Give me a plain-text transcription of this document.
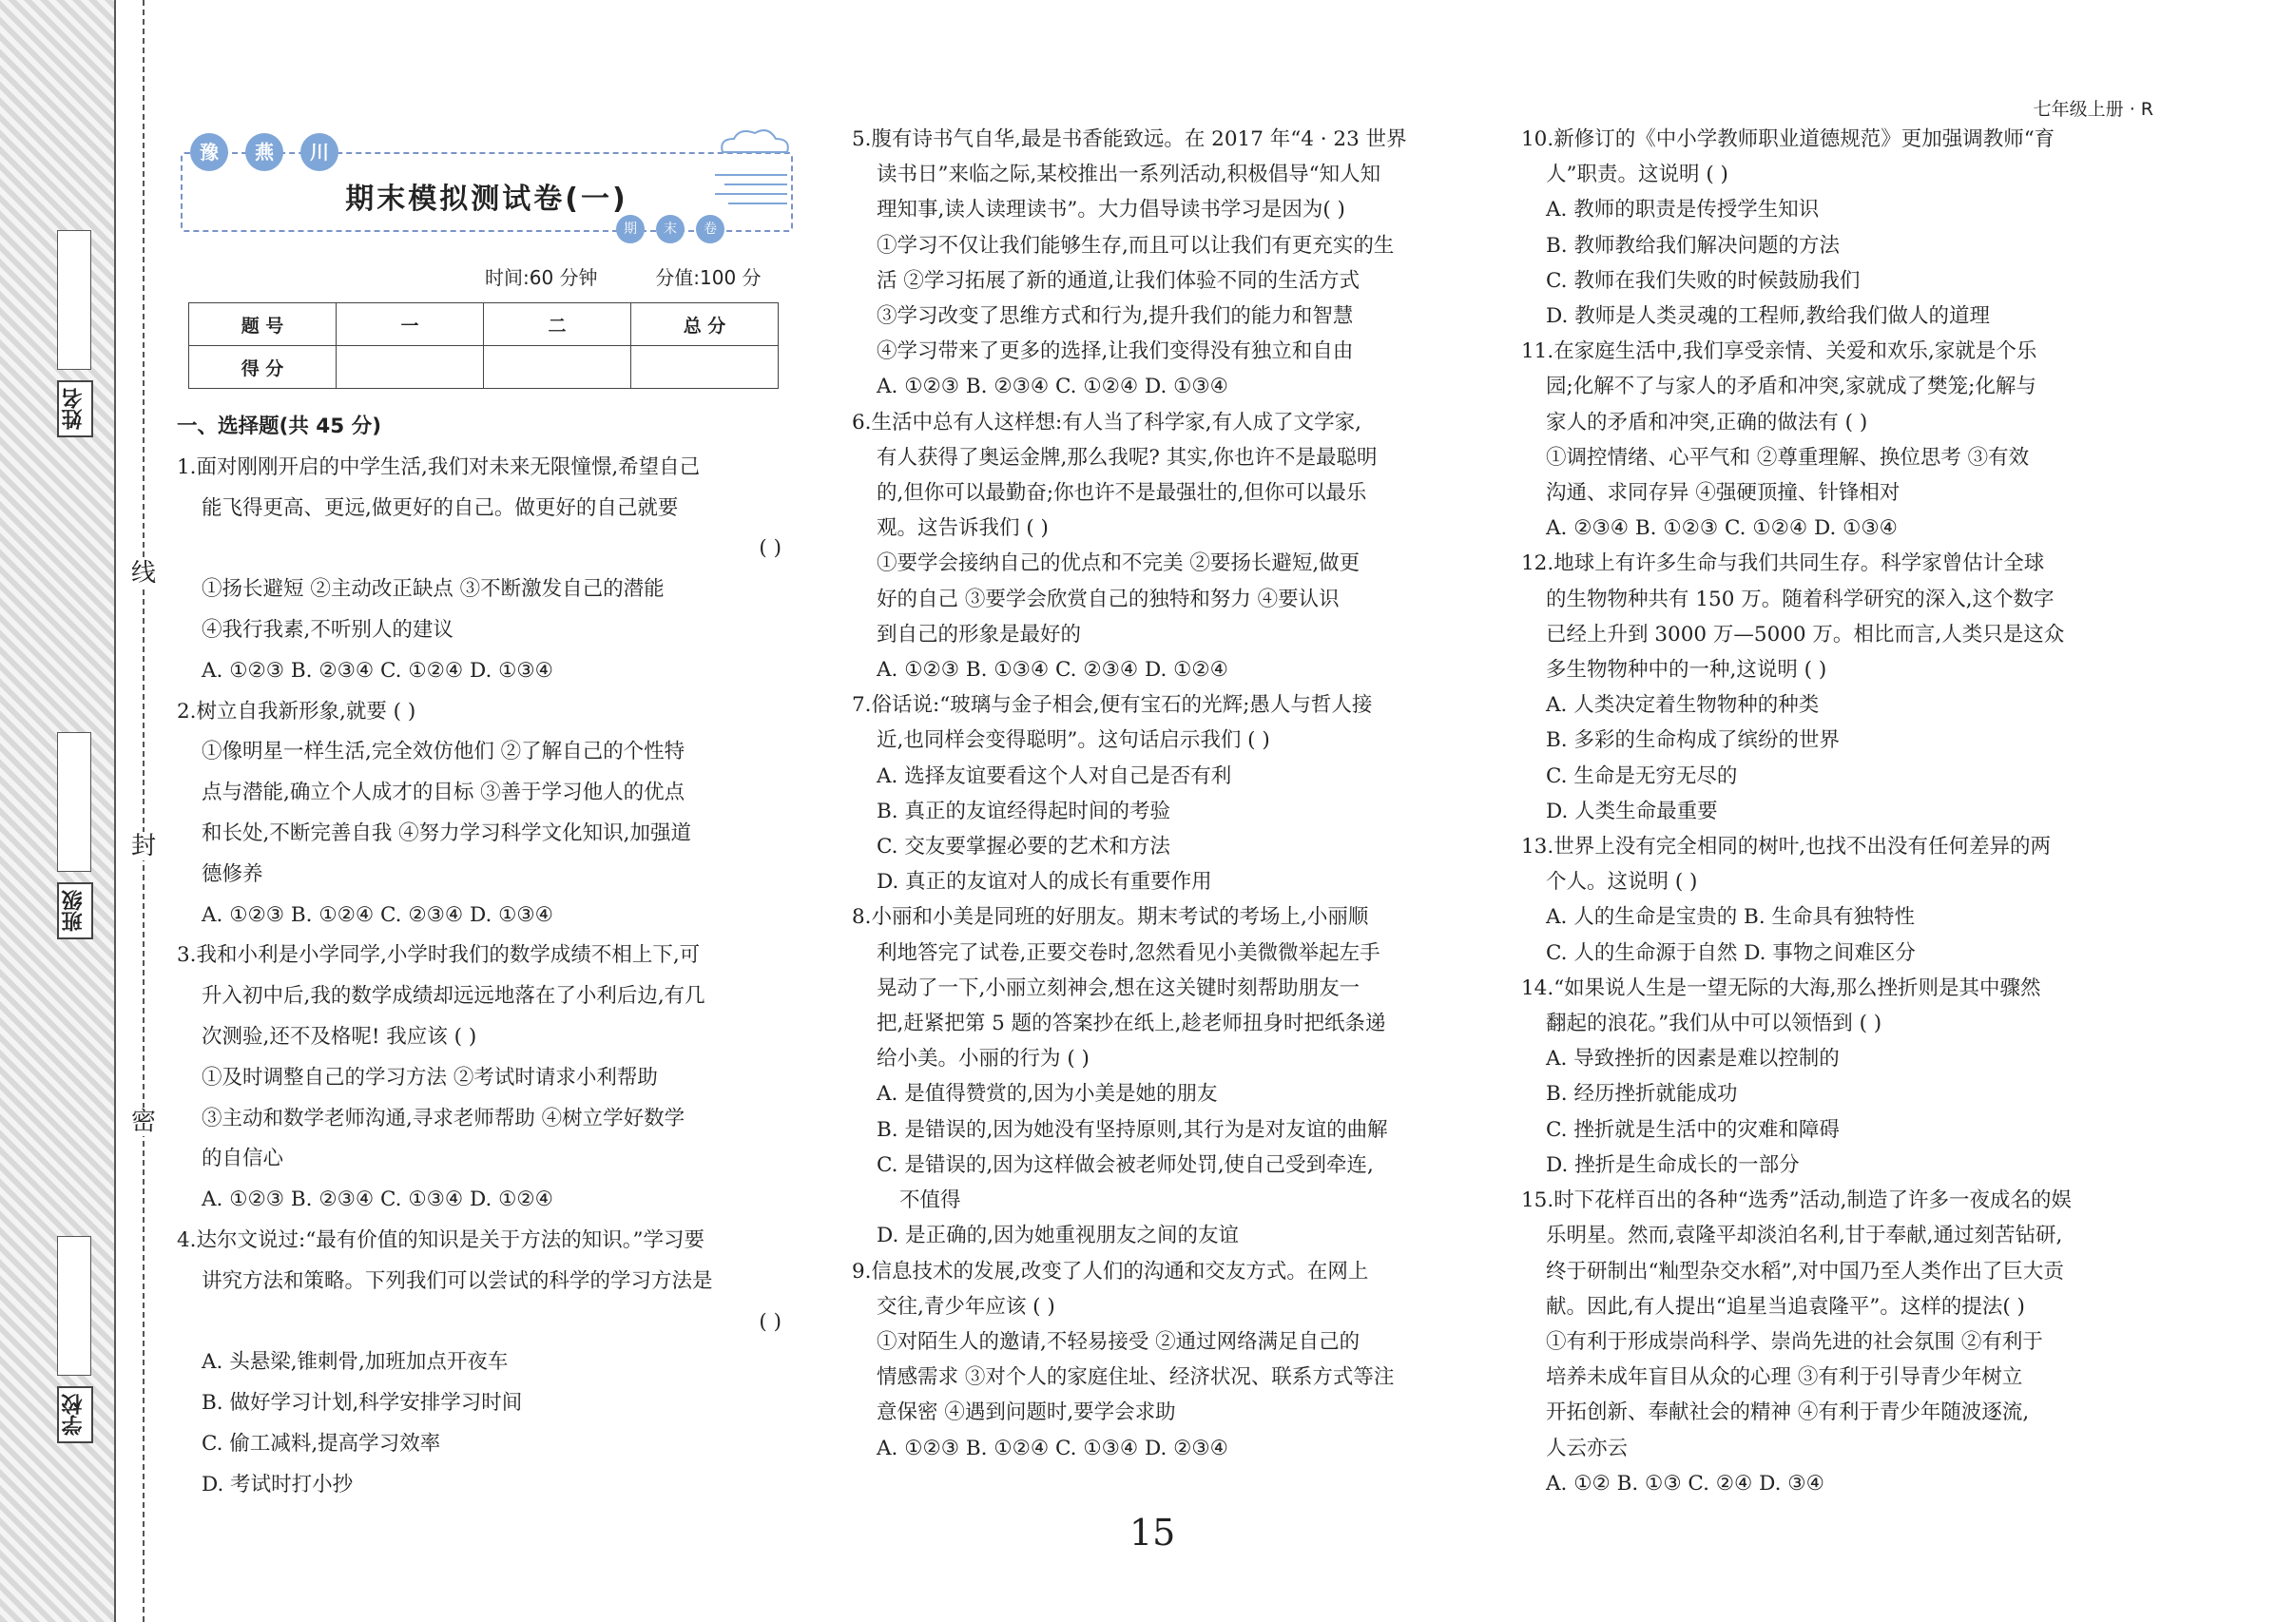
线
封
密
姓名
班级
学校
七年级上册 · R
期末模拟测试卷(一)
豫	燕	川
期	末	卷
时间:60 分钟	分值:100 分
题 号	一	二	总 分
得 分			
一、选择题(共 45 分)
1.面对刚刚开启的中学生活,我们对未来无限憧憬,希望自己
能飞得更高、更远,做更好的自己。做更好的自己就要
( )
①扬长避短 ②主动改正缺点 ③不断激发自己的潜能
④我行我素,不听别人的建议
A. ①②③ B. ②③④ C. ①②④ D. ①③④
2.树立自我新形象,就要 ( )
①像明星一样生活,完全效仿他们 ②了解自己的个性特
点与潜能,确立个人成才的目标 ③善于学习他人的优点
和长处,不断完善自我 ④努力学习科学文化知识,加强道
德修养
A. ①②③ B. ①②④ C. ②③④ D. ①③④
3.我和小利是小学同学,小学时我们的数学成绩不相上下,可
升入初中后,我的数学成绩却远远地落在了小利后边,有几
次测验,还不及格呢! 我应该 ( )
①及时调整自己的学习方法 ②考试时请求小利帮助
③主动和数学老师沟通,寻求老师帮助 ④树立学好数学
的自信心
A. ①②③ B. ②③④ C. ①③④ D. ①②④
4.达尔文说过:“最有价值的知识是关于方法的知识。”学习要
讲究方法和策略。下列我们可以尝试的科学的学习方法是
( )
A. 头悬梁,锥刺骨,加班加点开夜车
B. 做好学习计划,科学安排学习时间
C. 偷工减料,提高学习效率
D. 考试时打小抄
5.腹有诗书气自华,最是书香能致远。在 2017 年“4 · 23 世界
读书日”来临之际,某校推出一系列活动,积极倡导“知人知
理知事,读人读理读书”。大力倡导读书学习是因为( )
①学习不仅让我们能够生存,而且可以让我们有更充实的生
活 ②学习拓展了新的通道,让我们体验不同的生活方式
③学习改变了思维方式和行为,提升我们的能力和智慧
④学习带来了更多的选择,让我们变得没有独立和自由
A. ①②③ B. ②③④ C. ①②④ D. ①③④
6.生活中总有人这样想:有人当了科学家,有人成了文学家,
有人获得了奥运金牌,那么我呢? 其实,你也许不是最聪明
的,但你可以最勤奋;你也许不是最强壮的,但你可以最乐
观。这告诉我们 ( )
①要学会接纳自己的优点和不完美 ②要扬长避短,做更
好的自己 ③要学会欣赏自己的独特和努力 ④要认识
到自己的形象是最好的
A. ①②③ B. ①③④ C. ②③④ D. ①②④
7.俗话说:“玻璃与金子相会,便有宝石的光辉;愚人与哲人接
近,也同样会变得聪明”。这句话启示我们 ( )
A. 选择友谊要看这个人对自己是否有利
B. 真正的友谊经得起时间的考验
C. 交友要掌握必要的艺术和方法
D. 真正的友谊对人的成长有重要作用
8.小丽和小美是同班的好朋友。期末考试的考场上,小丽顺
利地答完了试卷,正要交卷时,忽然看见小美微微举起左手
晃动了一下,小丽立刻神会,想在这关键时刻帮助朋友一
把,赶紧把第 5 题的答案抄在纸上,趁老师扭身时把纸条递
给小美。小丽的行为 ( )
A. 是值得赞赏的,因为小美是她的朋友
B. 是错误的,因为她没有坚持原则,其行为是对友谊的曲解
C. 是错误的,因为这样做会被老师处罚,使自己受到牵连,
不值得
D. 是正确的,因为她重视朋友之间的友谊
9.信息技术的发展,改变了人们的沟通和交友方式。在网上
交往,青少年应该 ( )
①对陌生人的邀请,不轻易接受 ②通过网络满足自己的
情感需求 ③对个人的家庭住址、经济状况、联系方式等注
意保密 ④遇到问题时,要学会求助
A. ①②③ B. ①②④ C. ①③④ D. ②③④
10.新修订的《中小学教师职业道德规范》更加强调教师“育
人”职责。这说明 ( )
A. 教师的职责是传授学生知识
B. 教师教给我们解决问题的方法
C. 教师在我们失败的时候鼓励我们
D. 教师是人类灵魂的工程师,教给我们做人的道理
11.在家庭生活中,我们享受亲情、关爱和欢乐,家就是个乐
园;化解不了与家人的矛盾和冲突,家就成了樊笼;化解与
家人的矛盾和冲突,正确的做法有 ( )
①调控情绪、心平气和 ②尊重理解、换位思考 ③有效
沟通、求同存异 ④强硬顶撞、针锋相对
A. ②③④ B. ①②③ C. ①②④ D. ①③④
12.地球上有许多生命与我们共同生存。科学家曾估计全球
的生物物种共有 150 万。随着科学研究的深入,这个数字
已经上升到 3000 万—5000 万。相比而言,人类只是这众
多生物物种中的一种,这说明 ( )
A. 人类决定着生物物种的种类
B. 多彩的生命构成了缤纷的世界
C. 生命是无穷无尽的
D. 人类生命最重要
13.世界上没有完全相同的树叶,也找不出没有任何差异的两
个人。这说明 ( )
A. 人的生命是宝贵的 B. 生命具有独特性
C. 人的生命源于自然 D. 事物之间难区分
14.“如果说人生是一望无际的大海,那么挫折则是其中骤然
翻起的浪花。”我们从中可以领悟到 ( )
A. 导致挫折的因素是难以控制的
B. 经历挫折就能成功
C. 挫折就是生活中的灾难和障碍
D. 挫折是生命成长的一部分
15.时下花样百出的各种“选秀”活动,制造了许多一夜成名的娱
乐明星。然而,袁隆平却淡泊名利,甘于奉献,通过刻苦钻研,
终于研制出“籼型杂交水稻”,对中国乃至人类作出了巨大贡
献。因此,有人提出“追星当追袁隆平”。这样的提法( )
①有利于形成崇尚科学、崇尚先进的社会氛围 ②有利于
培养未成年盲目从众的心理 ③有利于引导青少年树立
开拓创新、奉献社会的精神 ④有利于青少年随波逐流,
人云亦云
A. ①② B. ①③ C. ②④ D. ③④
15
